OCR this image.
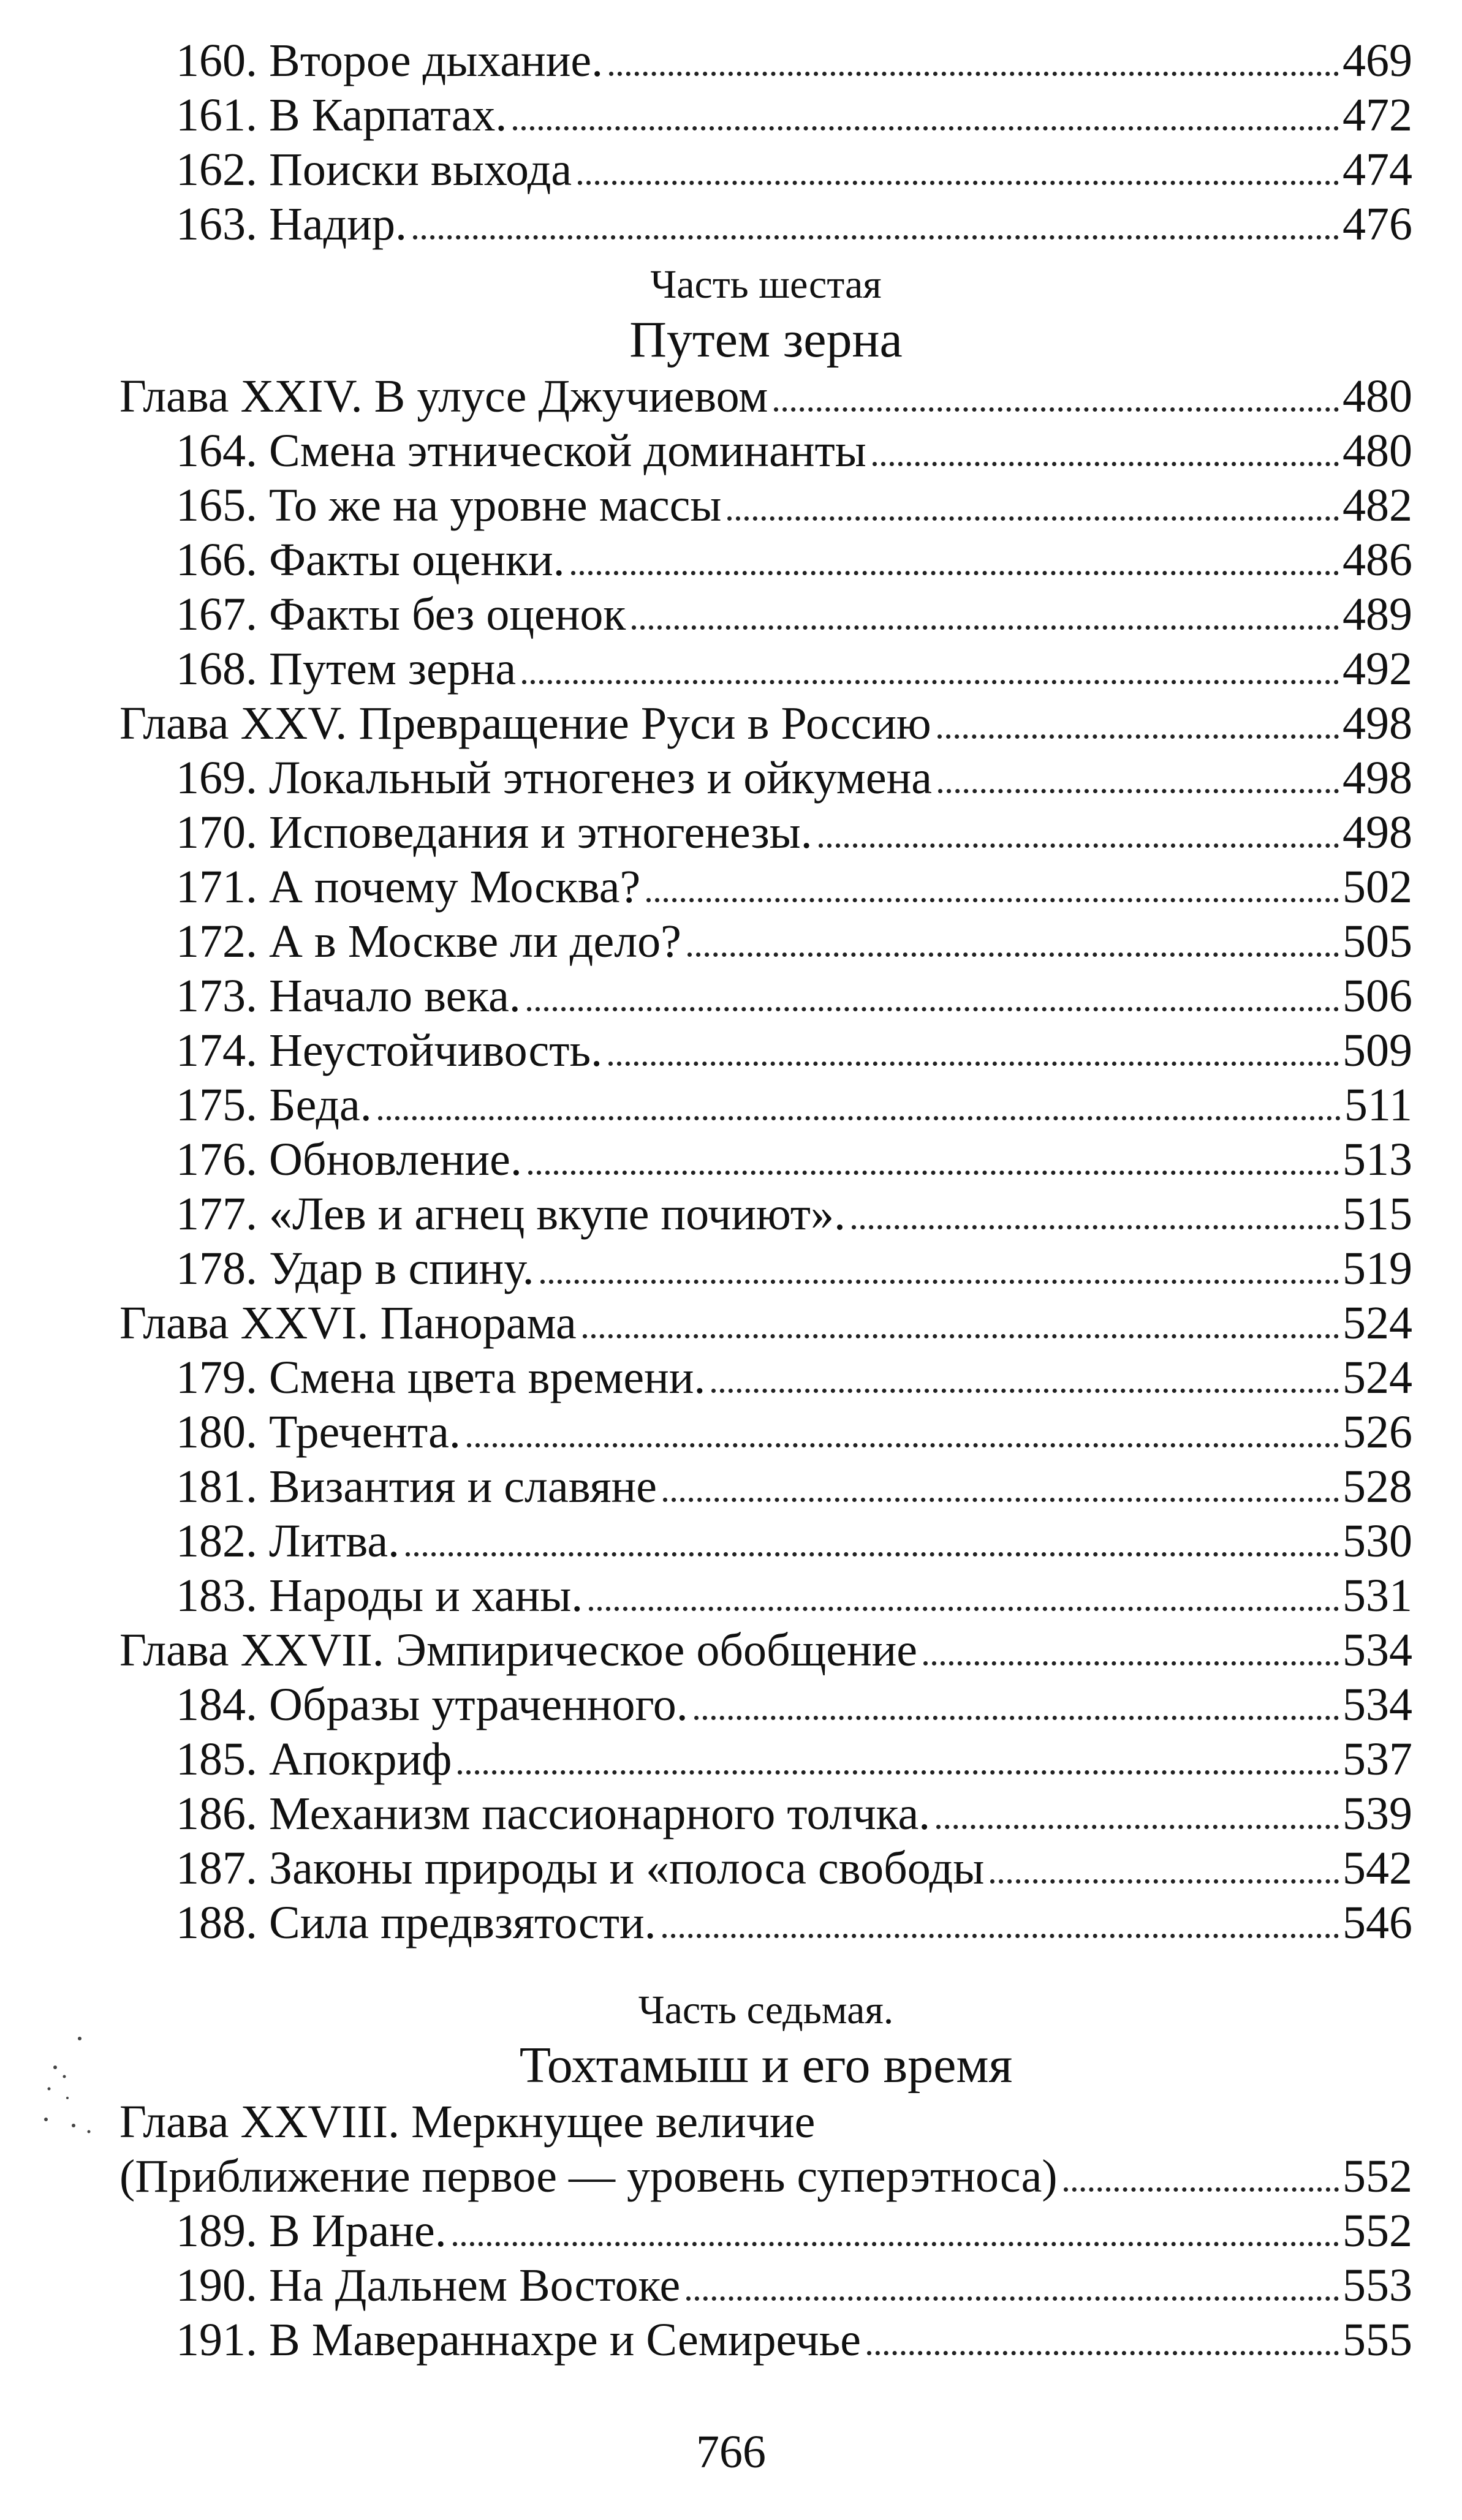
160. Второе дыхание.	469
161. В Карпатах.	472
162. Поиски выхода	474
163. Надир.	476
Часть шестая
Путем зерна
Глава XXIV. В улусе Джучиевом	480
164. Смена этнической доминанты	480
165. То же на уровне массы	482
166. Факты оценки.	486
167. Факты без оценок	489
168. Путем зерна	492
Глава XXV. Превращение Руси в Россию	498
169. Локальный этногенез и ойкумена	498
170. Исповедания и этногенезы.	498
171. А почему Москва?	502
172. А в Москве ли дело?	505
173. Начало века.	506
174. Неустойчивость.	509
175. Беда.	511
176. Обновление.	513
177. «Лев и агнец вкупе почиют».	515
178. Удар в спину.	519
Глава XXVI. Панорама	524
179. Смена цвета времени.	524
180. Тречента.	526
181. Византия и славяне	528
182. Литва.	530
183. Народы и ханы.	531
Глава XXVII. Эмпирическое обобщение	534
184. Образы утраченного.	534
185. Апокриф	537
186. Механизм пассионарного толчка.	539
187. Законы природы и «полоса свободы	542
188. Сила предвзятости.	546
Часть седьмая.
Тохтамыш и его время
Глава XXVIII. Меркнущее величие
(Приближение первое — уровень суперэтноса)	552
189. В Иране.	552
190. На Дальнем Востоке	553
191. В Мавераннахре и Семиречье	555
766
